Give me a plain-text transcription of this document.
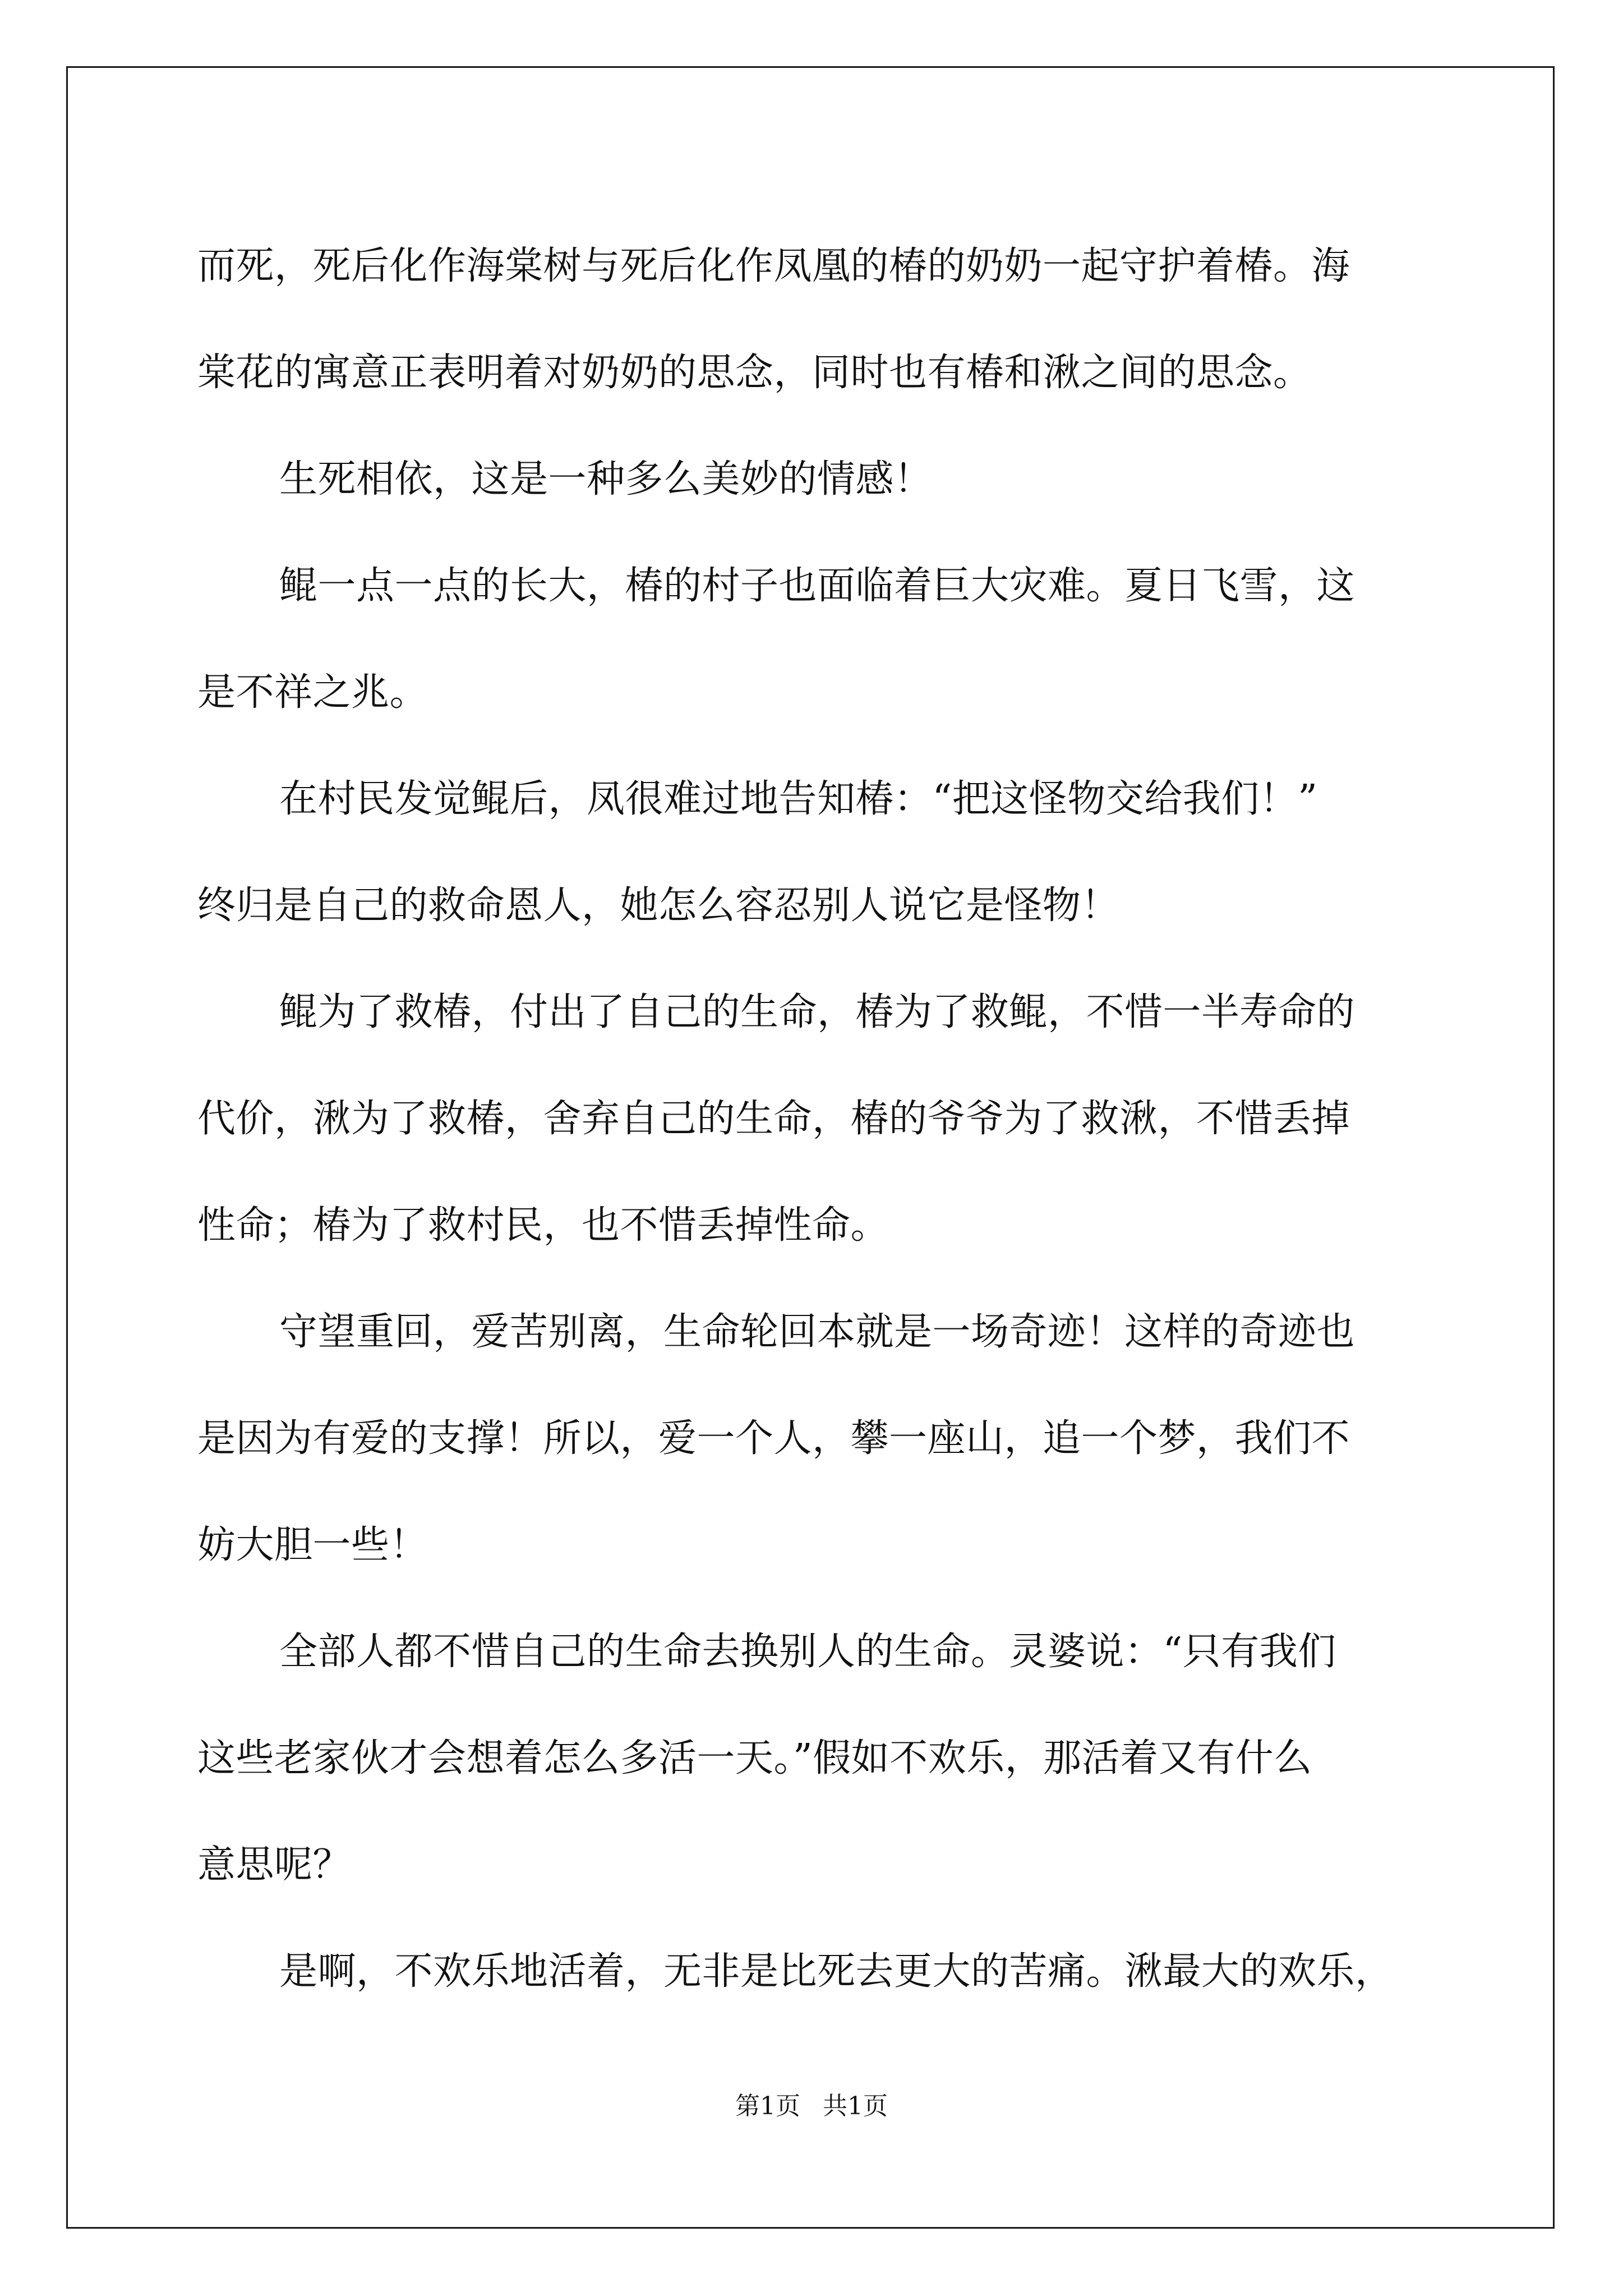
而死，死后化作海棠树与死后化作凤凰的椿的奶奶一起守护着椿。海
棠花的寓意正表明着对奶奶的思念，同时也有椿和湫之间的思念。
生死相依，这是一种多么美妙的情感！
鲲一点一点的长大，椿的村子也面临着巨大灾难。夏日飞雪，这
是不祥之兆。
在村民发觉鲲后，凤很难过地告知椿：“把这怪物交给我们！”
终归是自己的救命恩人，她怎么容忍别人说它是怪物！
鲲为了救椿，付出了自己的生命，椿为了救鲲，不惜一半寿命的
代价，湫为了救椿，舍弃自己的生命，椿的爷爷为了救湫，不惜丢掉
性命；椿为了救村民，也不惜丢掉性命。
守望重回，爱苦别离，生命轮回本就是一场奇迹！这样的奇迹也
是因为有爱的支撑！所以，爱一个人，攀一座山，追一个梦，我们不
妨大胆一些！
全部人都不惜自己的生命去换别人的生命。灵婆说：“只有我们
这些老家伙才会想着怎么多活一天。”假如不欢乐，那活着又有什么
意思呢？
是啊，不欢乐地活着，无非是比死去更大的苦痛。湫最大的欢乐，
第1页 共1页
